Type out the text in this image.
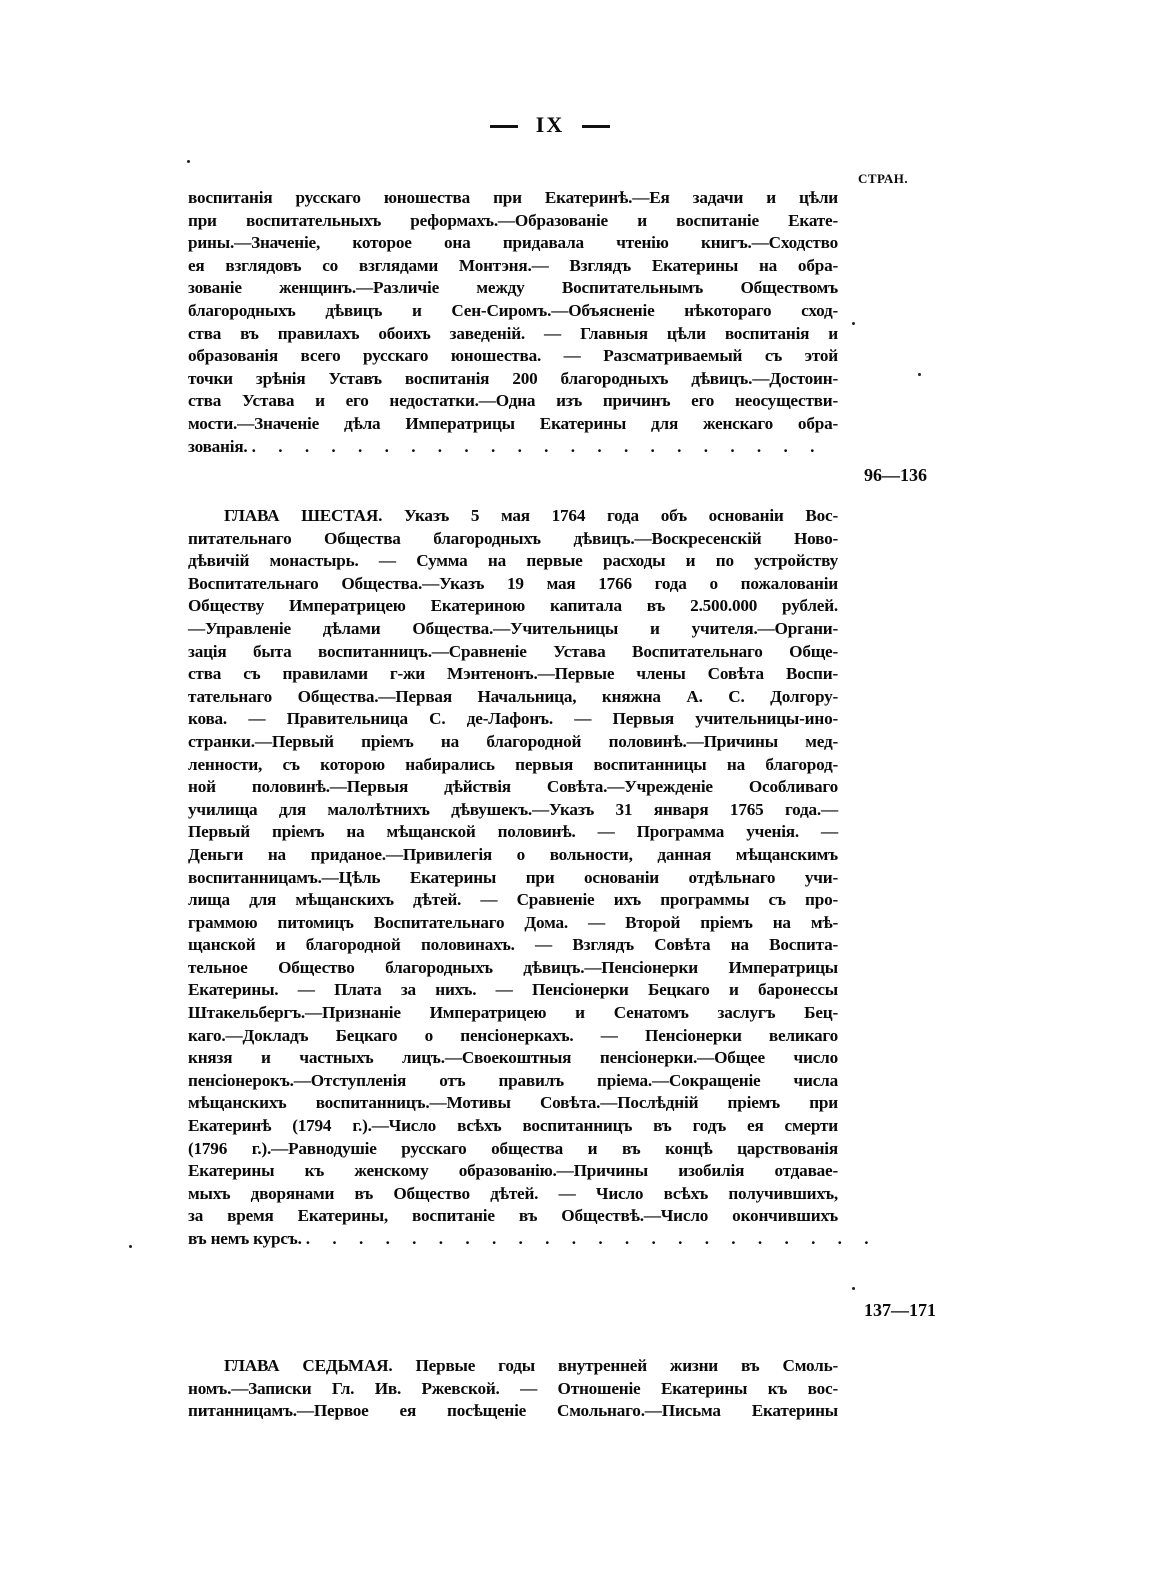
IX
СТРАН.
воспитанія русскаго юношества при Екатеринѣ.—Ея задачи и цѣли
при воспитательныхъ реформахъ.—Образованіе и воспитаніе Екате-
рины.—Значеніе, которое она придавала чтенію книгъ.—Сходство
ея взглядовъ со взглядами Монтэня.— Взглядъ Екатерины на обра-
зованіе женщинъ.—Различіе между Воспитательнымъ Обществомъ
благородныхъ дѣвицъ и Сен-Сиромъ.—Объясненіе нѣкотораго сход-
ства въ правилахъ обоихъ заведеній. — Главныя цѣли воспитанія и
образованія всего русскаго юношества. — Разсматриваемый съ этой
точки зрѣнія Уставъ воспитанія 200 благородныхъ дѣвицъ.—Достоин-
ства Устава и его недостатки.—Одна изъ причинъ его неосуществи-
мости.—Значеніе дѣла Императрицы Екатерины для женскаго обра-
зованія. . . . . . . . . . . . . . . . . . . . . . .
96—136
ГЛАВА ШЕСТАЯ. Указъ 5 мая 1764 года объ основаніи Вос-
питательнаго Общества благородныхъ дѣвицъ.—Воскресенскій Ново-
дѣвичій монастырь. — Сумма на первые расходы и по устройству
Воспитательнаго Общества.—Указъ 19 мая 1766 года о пожалованіи
Обществу Императрицею Екатериною капитала въ 2.500.000 рублей.
—Управленіе дѣлами Общества.—Учительницы и учителя.—Органи-
зація быта воспитанницъ.—Сравненіе Устава Воспитательнаго Обще-
ства съ правилами г-жи Мэнтенонъ.—Первые члены Совѣта Воспи-
тательнаго Общества.—Первая Начальница, княжна А. С. Долгору-
кова. — Правительница С. де-Лафонъ. — Первыя учительницы-ино-
странки.—Первый пріемъ на благородной половинѣ.—Причины мед-
ленности, съ которою набирались первыя воспитанницы на благород-
ной половинѣ.—Первыя дѣйствія Совѣта.—Учрежденіе Особливаго
училища для малолѣтнихъ дѣвушекъ.—Указъ 31 января 1765 года.—
Первый пріемъ на мѣщанской половинѣ. — Программа ученія. —
Деньги на приданое.—Привилегія о вольности, данная мѣщанскимъ
воспитанницамъ.—Цѣль Екатерины при основаніи отдѣльнаго учи-
лища для мѣщанскихъ дѣтей. — Сравненіе ихъ программы съ про-
граммою питомицъ Воспитательнаго Дома. — Второй пріемъ на мѣ-
щанской и благородной половинахъ. — Взглядъ Совѣта на Воспита-
тельное Общество благородныхъ дѣвицъ.—Пенсіонерки Императрицы
Екатерины. — Плата за нихъ. — Пенсіонерки Бецкаго и баронессы
Штакельбергъ.—Признаніе Императрицею и Сенатомъ заслугъ Бец-
каго.—Докладъ Бецкаго о пенсіонеркахъ. — Пенсіонерки великаго
князя и частныхъ лицъ.—Своекоштныя пенсіонерки.—Общее число
пенсіонерокъ.—Отступленія отъ правилъ пріема.—Сокращеніе числа
мѣщанскихъ воспитанницъ.—Мотивы Совѣта.—Послѣдній пріемъ при
Екатеринѣ (1794 г.).—Число всѣхъ воспитанницъ въ годъ ея смерти
(1796 г.).—Равнодушіе русскаго общества и въ концѣ царствованія
Екатерины къ женскому образованію.—Причины изобилія отдавае-
мыхъ дворянами въ Общество дѣтей. — Число всѣхъ получившихъ,
за время Екатерины, воспитаніе въ Обществѣ.—Число окончившихъ
въ немъ курсъ. . . . . . . . . . . . . . . . . . . . . . .
137—171
ГЛАВА СЕДЬМАЯ. Первые годы внутренней жизни въ Смоль-
номъ.—Записки Гл. Ив. Ржевской. — Отношеніе Екатерины къ вос-
питанницамъ.—Первое ея посѣщеніе Смольнаго.—Письма Екатерины
